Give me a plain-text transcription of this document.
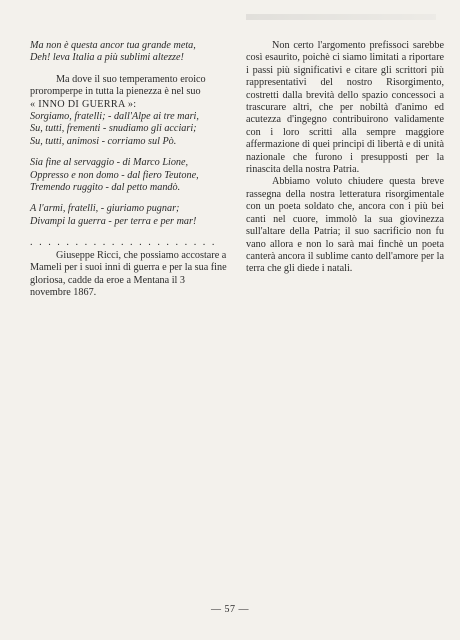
Ma non è questa ancor tua grande meta,
Deh! leva Italia a più sublimi altezze!

Ma dove il suo temperamento eroico proromperpe in tutta la pienezza è nel suo

« INNO DI GUERRA »:

Sorgiamo, fratelli; - dall'Alpe ai tre mari,
Su, tutti, frementi - snudiamo gli acciari;
Su, tutti, animosi - corriamo sul Pò.
Sia fine al servaggio - di Marco Lione,
Oppresso e non domo - dal fiero Teutone,
Tremendo ruggito - dal petto mandò.
A l'armi, fratelli, - giuriamo pugnar;
Divampi la guerra - per terra e per mar!

. . . . . . . . . . . . . . . . . . . . .

Giuseppe Ricci, che possiamo accostare a Mameli per i suoi inni di guerra e per la sua fine gloriosa, cadde da eroe a Mentana il 3 novembre 1867.

Non certo l'argomento prefissoci sarebbe così esaurito, poichè ci siamo limitati a riportare i passi più significativi e citare gli scrittori più rappresentativi del nostro Risorgimento, costretti dalla brevità dello spazio concessoci a trascurare altri, che per nobiltà d'animo ed acutezza d'ingegno contribuirono validamente con i loro scritti alla sempre maggiore affermazione di quei principi di libertà e di unità nazionale che furono i presupposti per la rinascita della nostra Patria.

Abbiamo voluto chiudere questa breve rassegna della nostra letteratura risorgimentale con un poeta soldato che, ancora con i più bei canti nel cuore, immolò la sua giovinezza sull'altare della Patria; il suo sacrificio non fu vano allora e non lo sarà mai finchè un poeta canterà ancora il sublime canto dell'amore per la terra che gli diede i natali.

— 57 —
